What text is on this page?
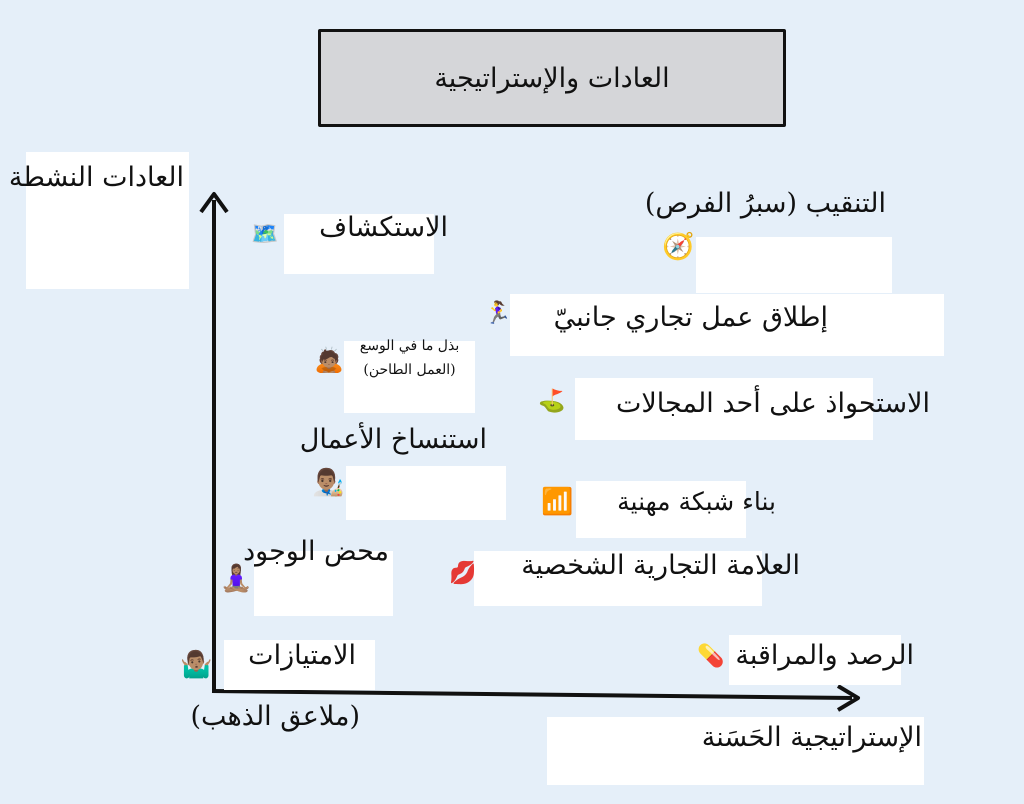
العادات والإستراتيجية
العادات النشطة
الإستراتيجية الحَسَنة
الاستكشاف
🗺️
التنقيب (سبرُ الفرص)
🧭
إطلاق عمل تجاري جانبيّ
🏃‍♀️
بذل ما في الوسع
(العمل الطاحن)
🙇🏽
الاستحواذ على أحد المجالات
⛳
استنساخ الأعمال
👨🏽‍🎨
بناء شبكة مهنية
📶
محض الوجود
🧘🏽‍♀️	العلامة التجارية الشخصية
💋
الامتيازات
(ملاعق الذهب)
🤷🏽‍♂️	الرصد والمراقبة
💊
